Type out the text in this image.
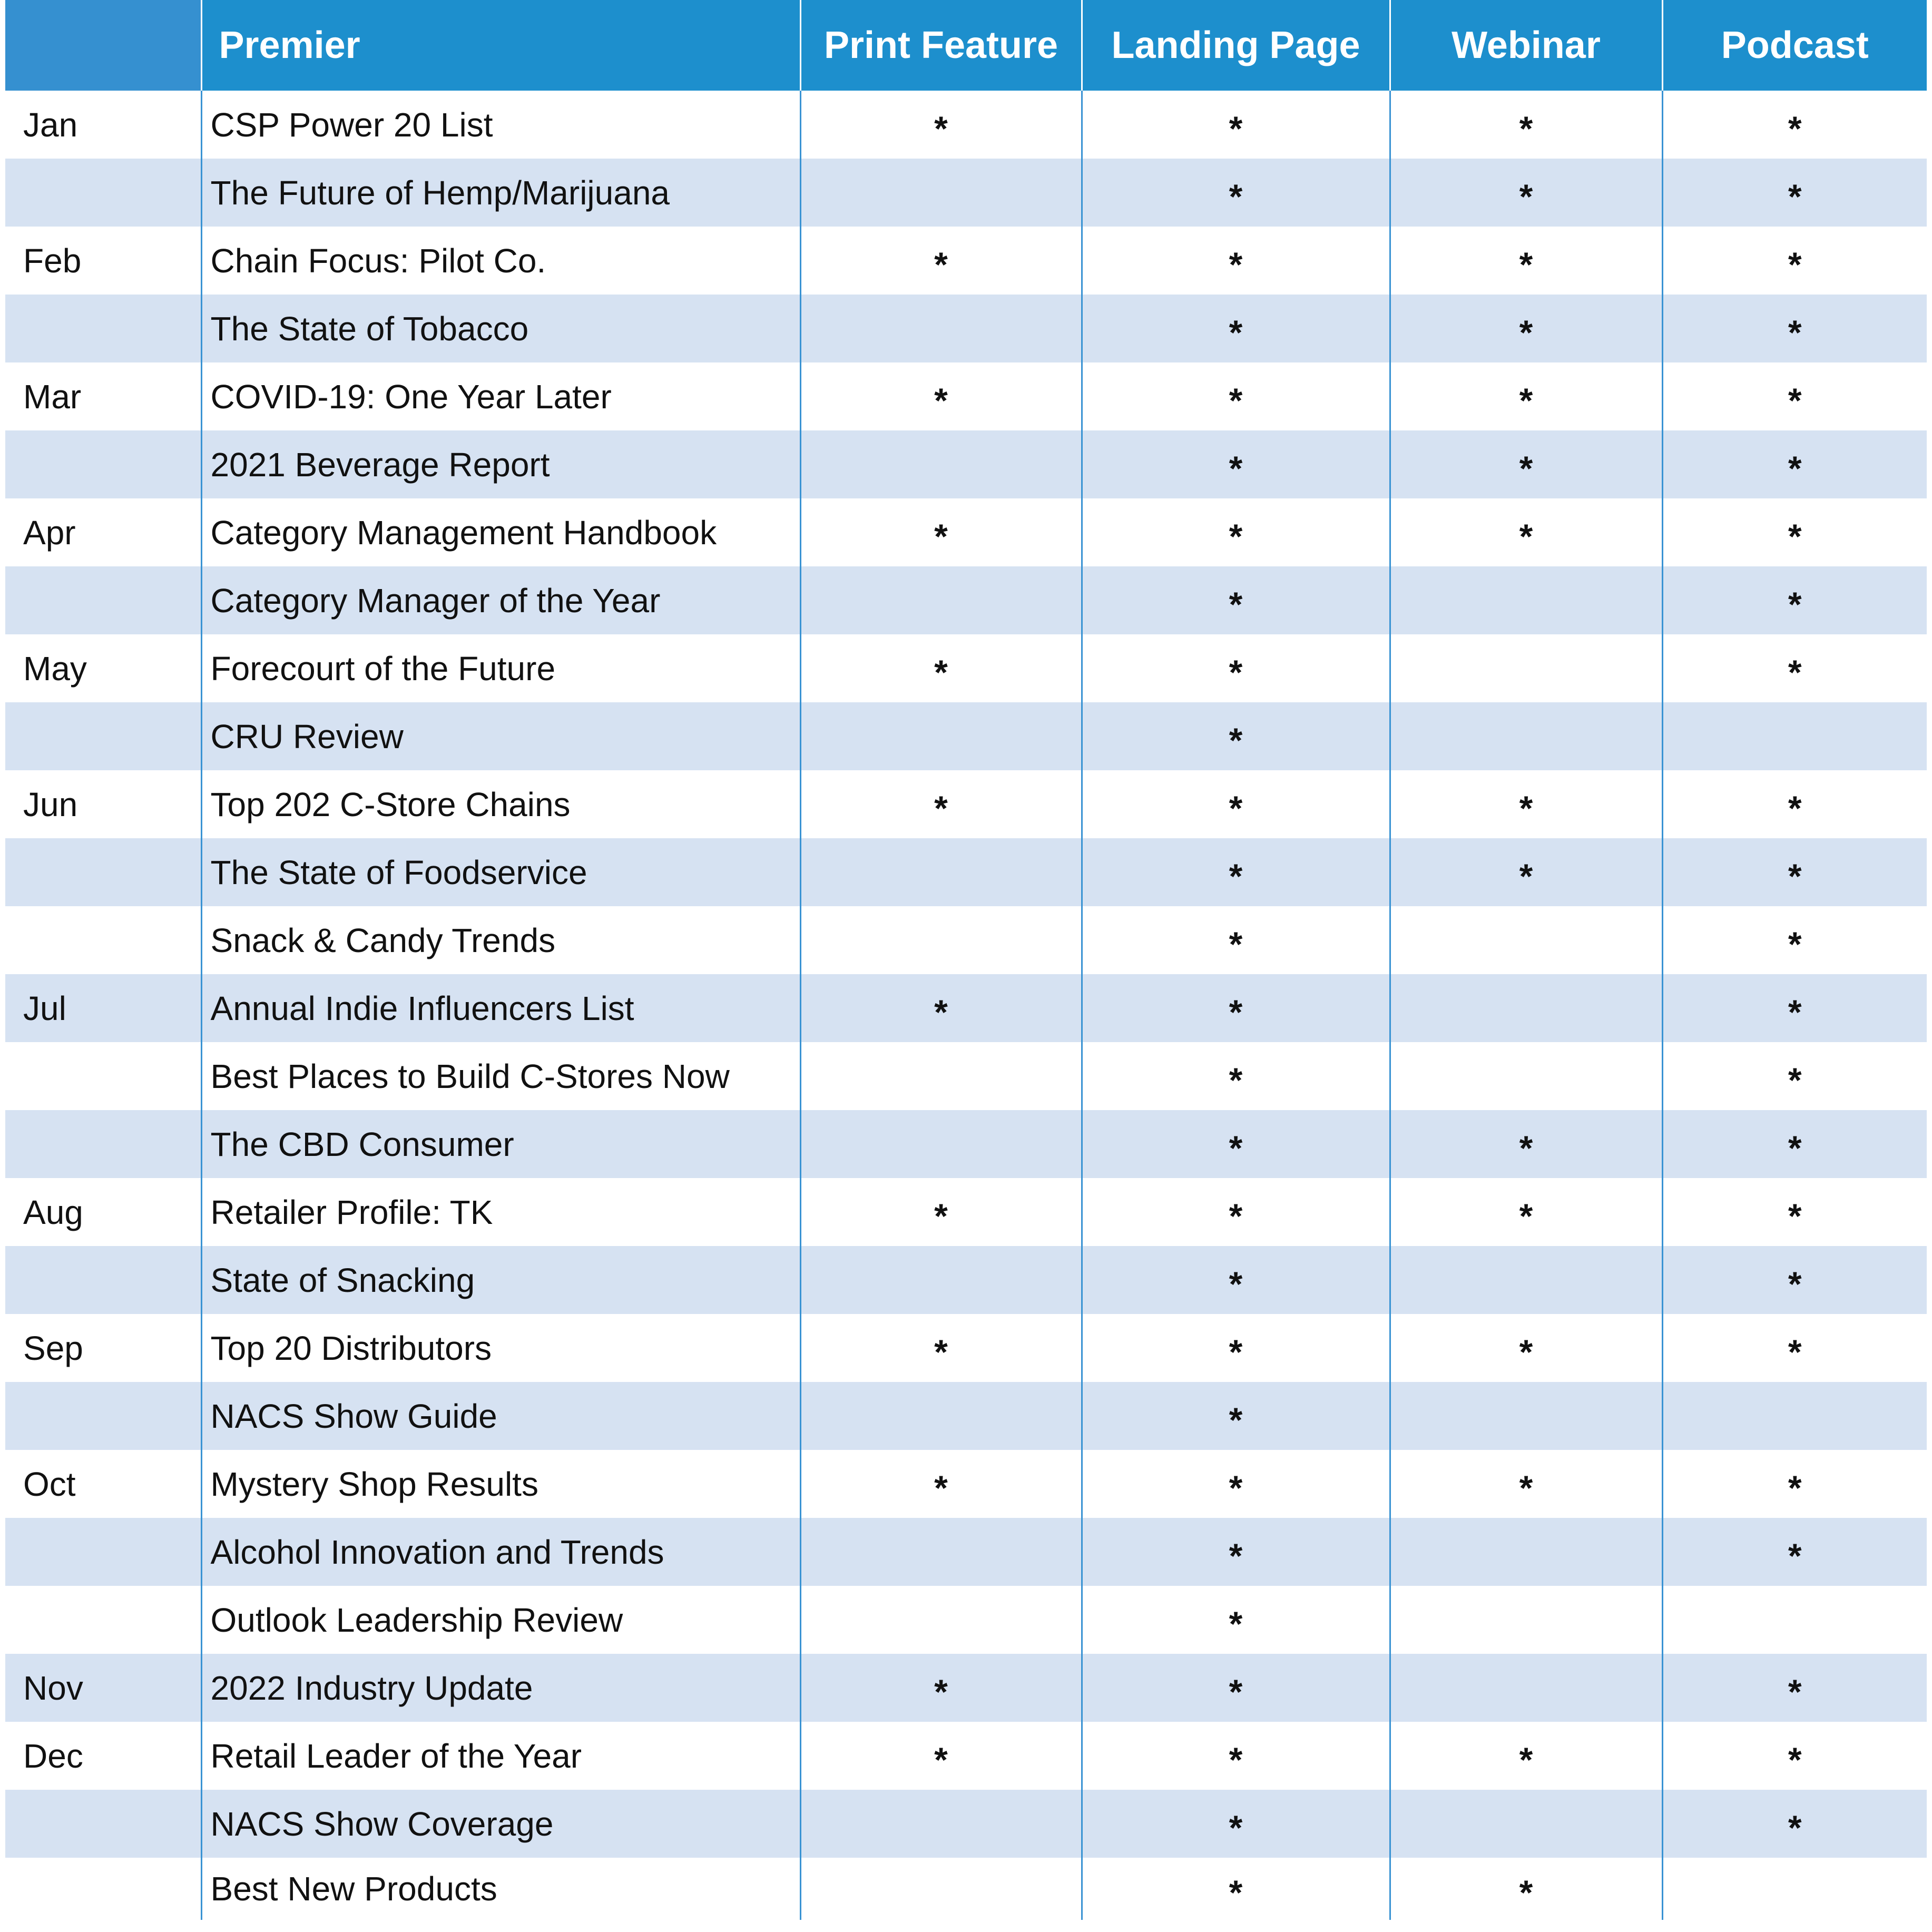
	Premier	Print Feature	Landing Page	Webinar	Podcast
Jan	CSP Power 20 List	*	*	*	*
	The Future of Hemp/Marijuana		*	*	*
Feb	Chain Focus: Pilot Co.	*	*	*	*
	The State of Tobacco		*	*	*
Mar	COVID-19: One Year Later	*	*	*	*
	2021 Beverage Report		*	*	*
Apr	Category Management Handbook	*	*	*	*
	Category Manager of the Year		*		*
May	Forecourt of the Future	*	*		*
	CRU Review		*		
Jun	Top 202 C-Store Chains	*	*	*	*
	The State of Foodservice		*	*	*
	Snack & Candy Trends		*		*
Jul	Annual Indie Influencers List	*	*		*
	Best Places to Build C-Stores Now		*		*
	The CBD Consumer		*	*	*
Aug	Retailer Profile: TK	*	*	*	*
	State of Snacking		*		*
Sep	Top 20 Distributors	*	*	*	*
	NACS Show Guide		*		
Oct	Mystery Shop Results	*	*	*	*
	Alcohol Innovation and Trends		*		*
	Outlook Leadership Review		*		
Nov	2022 Industry Update	*	*		*
Dec	Retail Leader of the Year	*	*	*	*
	NACS Show Coverage		*		*
	Best New Products		*	*	
